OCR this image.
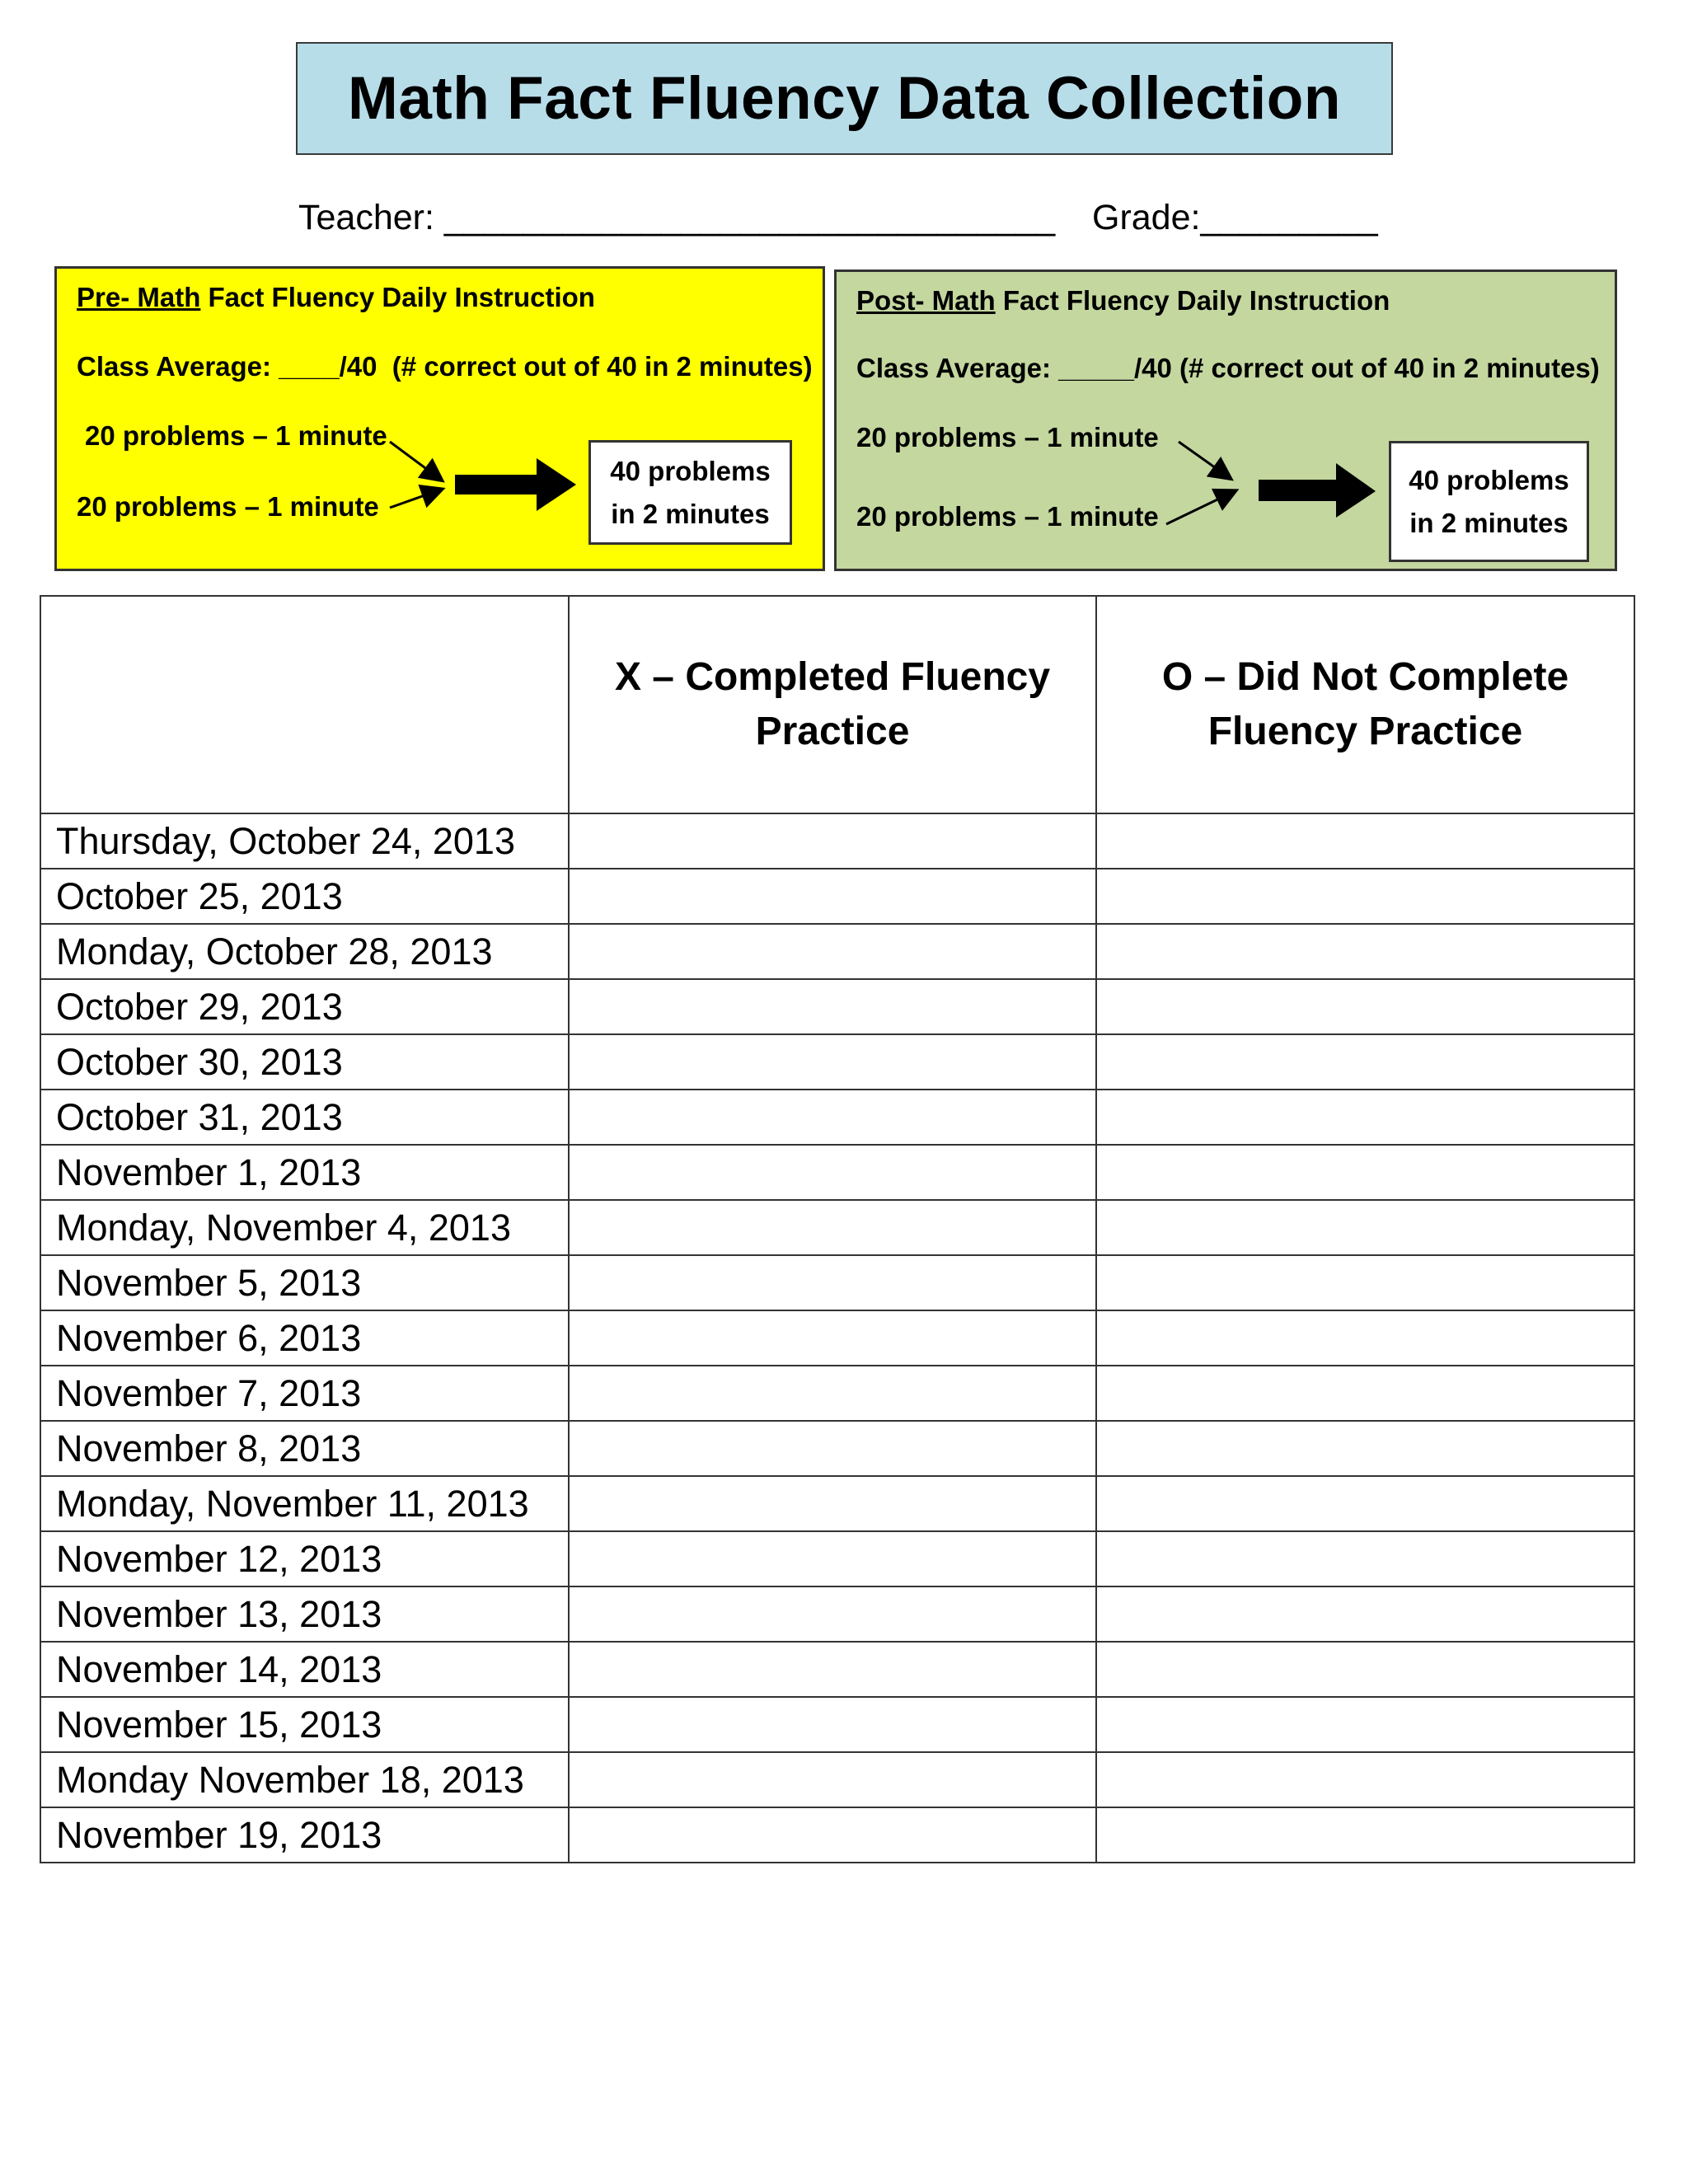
Math Fact Fluency Data Collection
Teacher: _______________________________ Grade:_________
Pre- Math Fact Fluency Daily Instruction
Class Average: ____/40  (# correct out of 40 in 2 minutes)
20 problems – 1 minute
20 problems – 1 minute
40 problems
in 2 minutes
Post- Math Fact Fluency Daily Instruction
Class Average: _____/40 (# correct out of 40 in 2 minutes)
20 problems – 1 minute
20 problems – 1 minute
40 problems
in 2 minutes
	X – Completed Fluency Practice	O – Did Not Complete Fluency Practice
Thursday, October 24, 2013		
October 25, 2013		
Monday, October 28, 2013		
October 29, 2013		
October 30, 2013		
October 31, 2013		
November 1, 2013		
Monday, November 4, 2013		
November 5, 2013		
November 6, 2013		
November 7, 2013		
November 8, 2013		
Monday, November 11, 2013		
November 12, 2013		
November 13, 2013		
November 14, 2013		
November 15, 2013		
Monday November 18, 2013		
November 19, 2013		
